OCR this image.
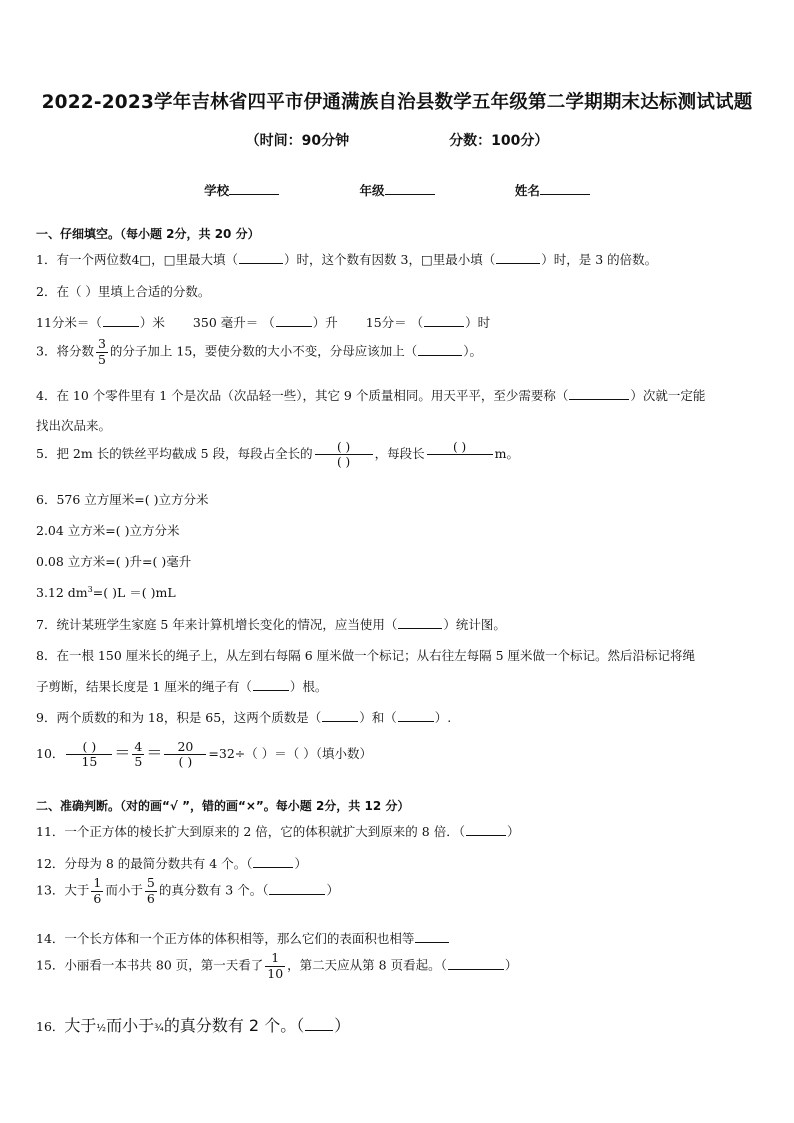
2022-2023学年吉林省四平市伊通满族自治县数学五年级第二学期期末达标测试试题
（时间：90分钟	分数：100分）
学校	年级	姓名
一、仔细填空。（每小题 2分，共 20 分）
1．有一个两位数4□，□里最大填（	）时，这个数有因数 3，□里最小填（	）时，是 3 的倍数。
2．在（ ）里填上合适的分数。
11分米＝（	）米 350 毫升＝ （	）升 15分＝ （	）时
3．将分数 $\frac{3}{5}$ 的分子加上 15，要使分数的大小不变，分母应该加上（	）。
4．在 10 个零件里有 1 个是次品（次品轻一些），其它 9 个质量相同。用天平平，至少需要称（	）次就一定能
找出次品来。
5．把 2m 长的铁丝平均截成 5 段，每段占全长的	( )
( )
，每段长	( )
	m。
6．576 立方厘米=( )立方分米
2.04 立方米=( )立方分米
0.08 立方米=( )升=( )毫升
3.12 $dm^3=$( )L ＝( )mL
7．统计某班学生家庭 5 年来计算机增长变化的情况，应当使用（	）统计图。
8．在一根 150 厘米长的绳子上，从左到右每隔 6 厘米做一个标记；从右往左每隔 5 厘米做一个标记。然后沿标记将绳
子剪断，结果长度是 1 厘米的绳子有（	）根。
9．两个质数的和为 18，积是 65，这两个质数是（	）和（	）.
10． $\frac{( )}{15} = \frac{4}{5} = \frac{20}{( )} =32\div$（ ）＝（ ）（填小数）
二、准确判断。（对的画“√ ”，错的画“×”。每小题 2分，共 12 分）
11．一个正方体的棱长扩大到原来的 2 倍，它的体积就扩大到原来的 8 倍．（	）
12．分母为 8 的最简分数共有 4 个。（	）
13．大于 $\frac{1}{6}$ 而小于 $\frac{5}{6}$ 的真分数有 3 个。（	）
14．一个长方体和一个正方体的体积相等，那么它们的表面积也相等
15．小丽看一本书共 80 页，第一天看了 $\frac{1}{10}$ ，第二天应从第 8 页看起。（	）
16．大于½而小于¾的真分数有 2 个。（ ）
